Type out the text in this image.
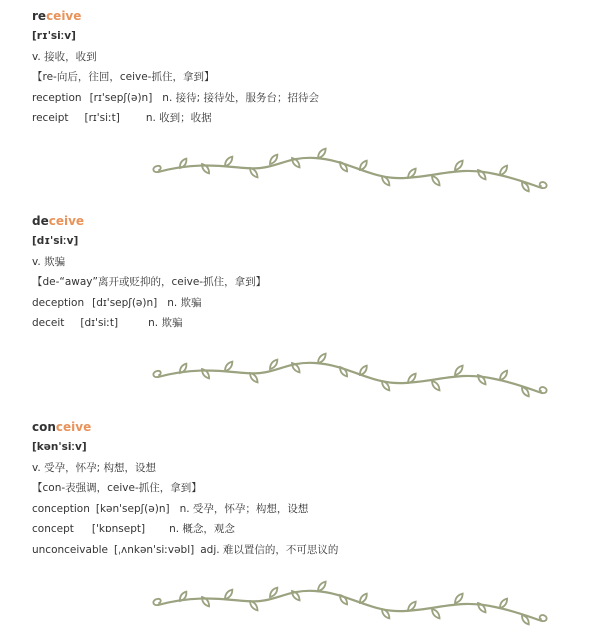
receive
[rɪ'siːv]
v. 接收，收到
【re-向后，往回，ceive-抓住，拿到】
reception [rɪ'sepʃ(ə)n] n. 接待; 接待处，服务台；招待会
receipt [rɪ'siːt] n. 收到；收据
deceive
[dɪ'siːv]
v. 欺骗
【de-“away”离开或贬抑的，ceive-抓住，拿到】
deception [dɪ'sepʃ(ə)n] n. 欺骗
deceit [dɪ'siːt]	n. 欺骗
conceive
[kən'siːv]
v. 受孕，怀孕; 构想，设想
【con-表强调，ceive-抓住，拿到】
conception [kən'sepʃ(ə)n] n. 受孕，怀孕；构想，设想
concept ['kɒnsept] n. 概念，观念
unconceivable [ˌʌnkən'siːvəbl] adj. 难以置信的，不可思议的
